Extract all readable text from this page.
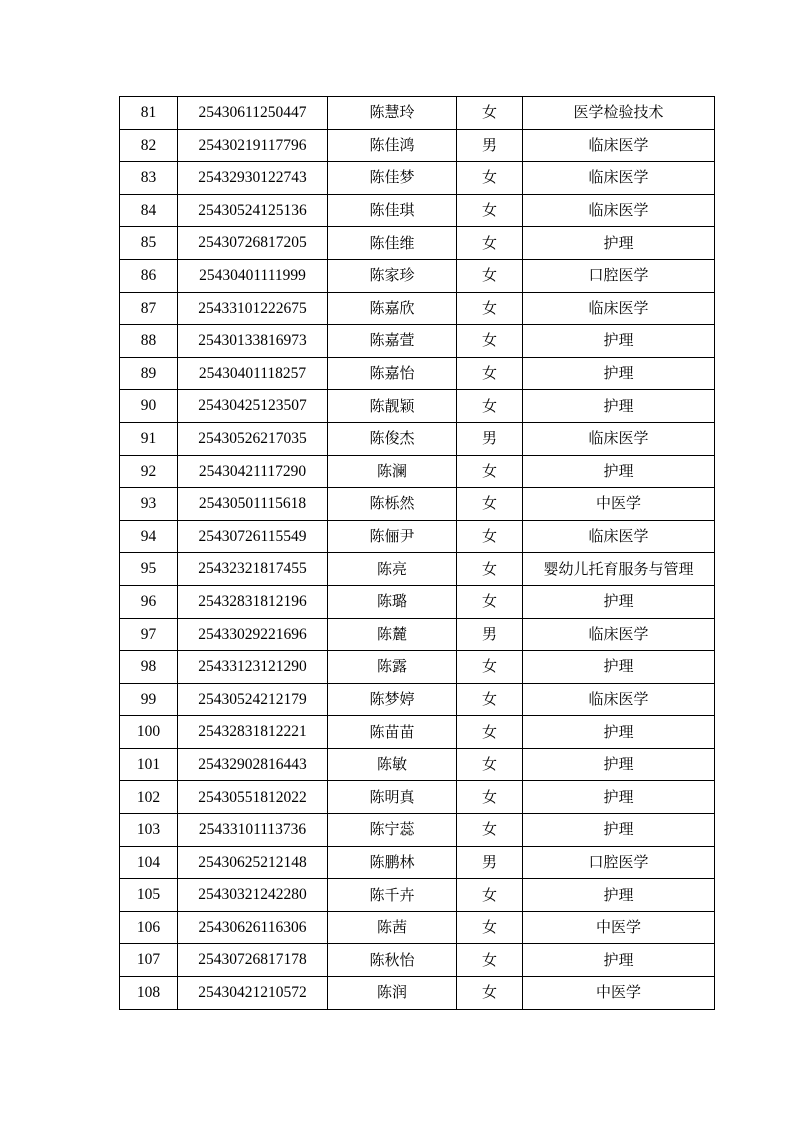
81	25430611250447	陈慧玲	女	医学检验技术
82	25430219117796	陈佳鸿	男	临床医学
83	25432930122743	陈佳梦	女	临床医学
84	25430524125136	陈佳琪	女	临床医学
85	25430726817205	陈佳维	女	护理
86	25430401111999	陈家珍	女	口腔医学
87	25433101222675	陈嘉欣	女	临床医学
88	25430133816973	陈嘉萱	女	护理
89	25430401118257	陈嘉怡	女	护理
90	25430425123507	陈靓颖	女	护理
91	25430526217035	陈俊杰	男	临床医学
92	25430421117290	陈澜	女	护理
93	25430501115618	陈栎然	女	中医学
94	25430726115549	陈俪尹	女	临床医学
95	25432321817455	陈亮	女	婴幼儿托育服务与管理
96	25432831812196	陈璐	女	护理
97	25433029221696	陈麓	男	临床医学
98	25433123121290	陈露	女	护理
99	25430524212179	陈梦婷	女	临床医学
100	25432831812221	陈苗苗	女	护理
101	25432902816443	陈敏	女	护理
102	25430551812022	陈明真	女	护理
103	25433101113736	陈宁蕊	女	护理
104	25430625212148	陈鹏林	男	口腔医学
105	25430321242280	陈千卉	女	护理
106	25430626116306	陈茜	女	中医学
107	25430726817178	陈秋怡	女	护理
108	25430421210572	陈润	女	中医学
